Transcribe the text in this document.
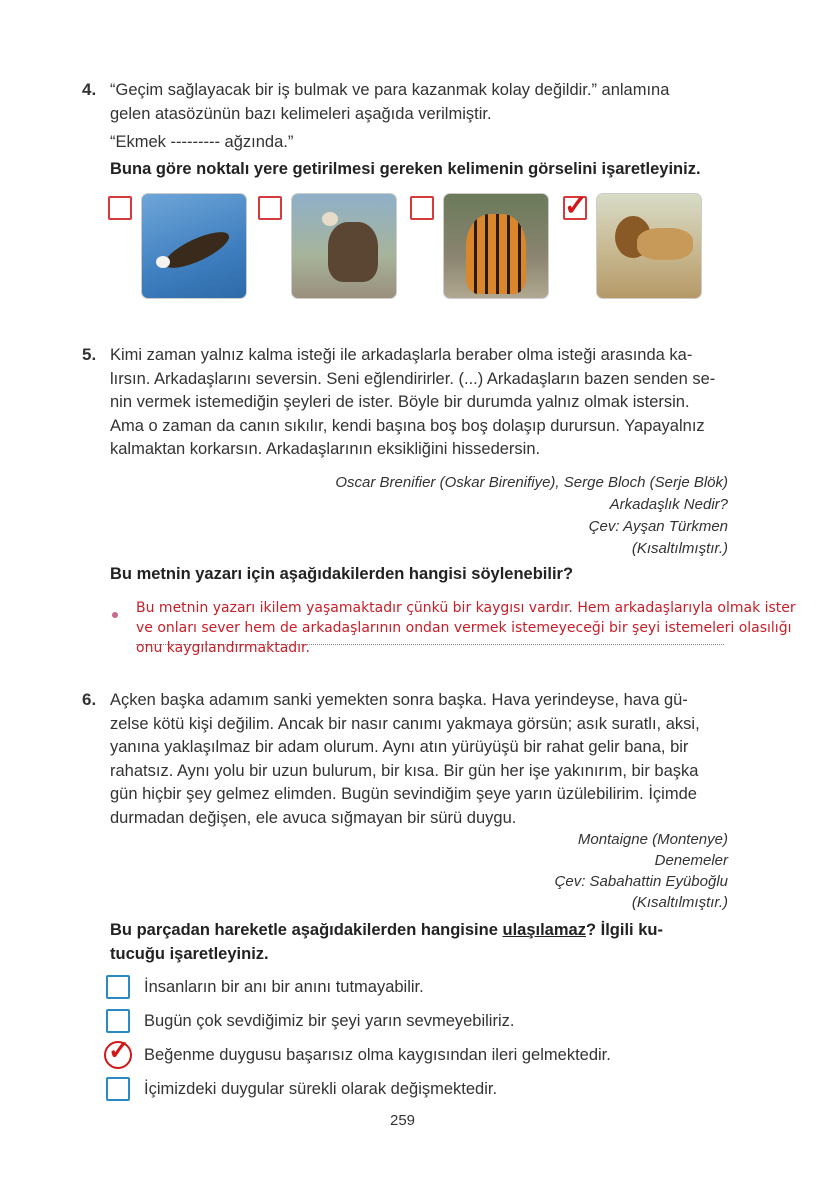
4. “Geçim sağlayacak bir iş bulmak ve para kazanmak kolay değildir.” anlamına
gelen atasözünün bazı kelimeleri aşağıda verilmiştir.
“Ekmek --------- ağzında.”
Buna göre noktalı yere getirilmesi gereken kelimenin görselini işaretleyiniz.
✓
5. Kimi zaman yalnız kalma isteği ile arkadaşlarla beraber olma isteği arasında ka-
lırsın. Arkadaşlarını seversin. Seni eğlendirirler. (...) Arkadaşların bazen senden se-
nin vermek istemediğin şeyleri de ister. Böyle bir durumda yalnız olmak istersin.
Ama o zaman da canın sıkılır, kendi başına boş boş dolaşıp durursun. Yapayalnız
kalmaktan korkarsın. Arkadaşlarının eksikliğini hissedersin.
Oscar Brenifier (Oskar Birenifiye), Serge Bloch (Serje Blök)
Arkadaşlık Nedir?
Çev: Ayşan Türkmen
(Kısaltılmıştır.)
Bu metnin yazarı için aşağıdakilerden hangisi söylenebilir?
Bu metnin yazarı ikilem yaşamaktadır çünkü bir kaygısı vardır. Hem arkadaşlarıyla olmak ister
ve onları sever hem de arkadaşlarının ondan vermek istemeyeceği bir şeyi istemeleri olasılığı
onu kaygılandırmaktadır.
6. Açken başka adamım sanki yemekten sonra başka. Hava yerindeyse, hava gü-
zelse kötü kişi değilim. Ancak bir nasır canımı yakmaya görsün; asık suratlı, aksi,
yanına yaklaşılmaz bir adam olurum. Aynı atın yürüyüşü bir rahat gelir bana, bir
rahatsız. Aynı yolu bir uzun bulurum, bir kısa. Bir gün her işe yakınırım, bir başka
gün hiçbir şey gelmez elimden. Bugün sevindiğim şeye yarın üzülebilirim. İçimde
durmadan değişen, ele avuca sığmayan bir sürü duygu.
Montaigne (Montenye)
Denemeler
Çev: Sabahattin Eyüboğlu
(Kısaltılmıştır.)
Bu parçadan hareketle aşağıdakilerden hangisine ulaşılamaz? İlgili ku-
tucuğu işaretleyiniz.
İnsanların bir anı bir anını tutmayabilir.
Bugün çok sevdiğimiz bir şeyi yarın sevmeyebiliriz.
✓ Beğenme duygusu başarısız olma kaygısından ileri gelmektedir.
İçimizdeki duygular sürekli olarak değişmektedir.
259
